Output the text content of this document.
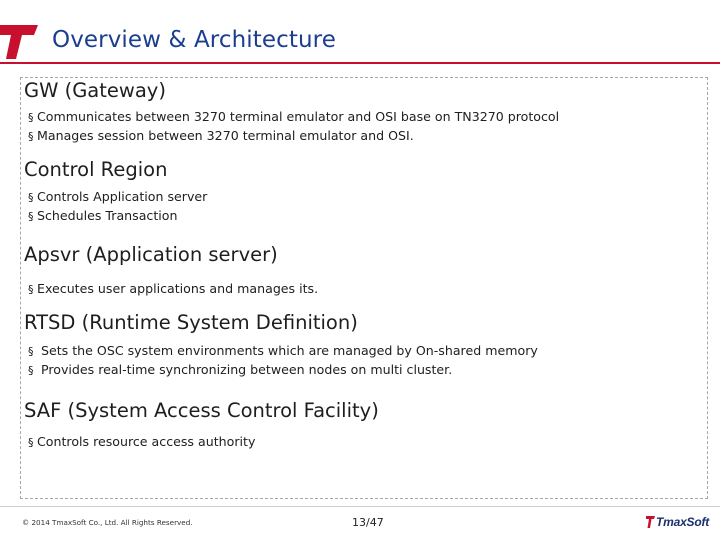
Overview & Architecture
GW (Gateway)
§ Communicates between 3270 terminal emulator and OSI base on TN3270 protocol
§ Manages session between 3270 terminal emulator and OSI.
Control Region
§ Controls Application server
§ Schedules Transaction
Apsvr (Application server)
§ Executes user applications and manages its.
RTSD (Runtime System Definition)
§ Sets the OSC system environments which are managed by On-shared memory
§ Provides real-time synchronizing between nodes on multi cluster.
SAF (System Access Control Facility)
§ Controls resource access authority
© 2014 TmaxSoft Co., Ltd. All Rights Reserved.	13/47	TmaxSoft
